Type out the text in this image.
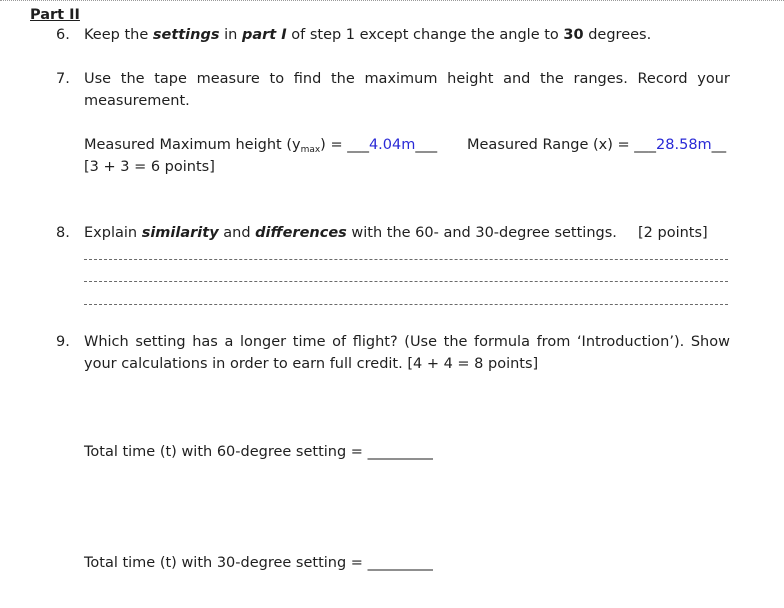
Part II
6. Keep the settings in part I of step 1 except change the angle to 30 degrees.
7. Use the tape measure to find the maximum height and the ranges. Record your
measurement.
Measured Maximum height $(y_{max})$ = ___4.04m___ Measured Range (x) = ___28.58m__
[3 + 3 = 6 points]
8. Explain similarity and differences with the 60- and 30-degree settings. [2 points]
9. Which setting has a longer time of flight? (Use the formula from ‘Introduction’). Show
your calculations in order to earn full credit. [4 + 4 = 8 points]
Total time (t) with 60-degree setting = _________
Total time (t) with 30-degree setting = _________
